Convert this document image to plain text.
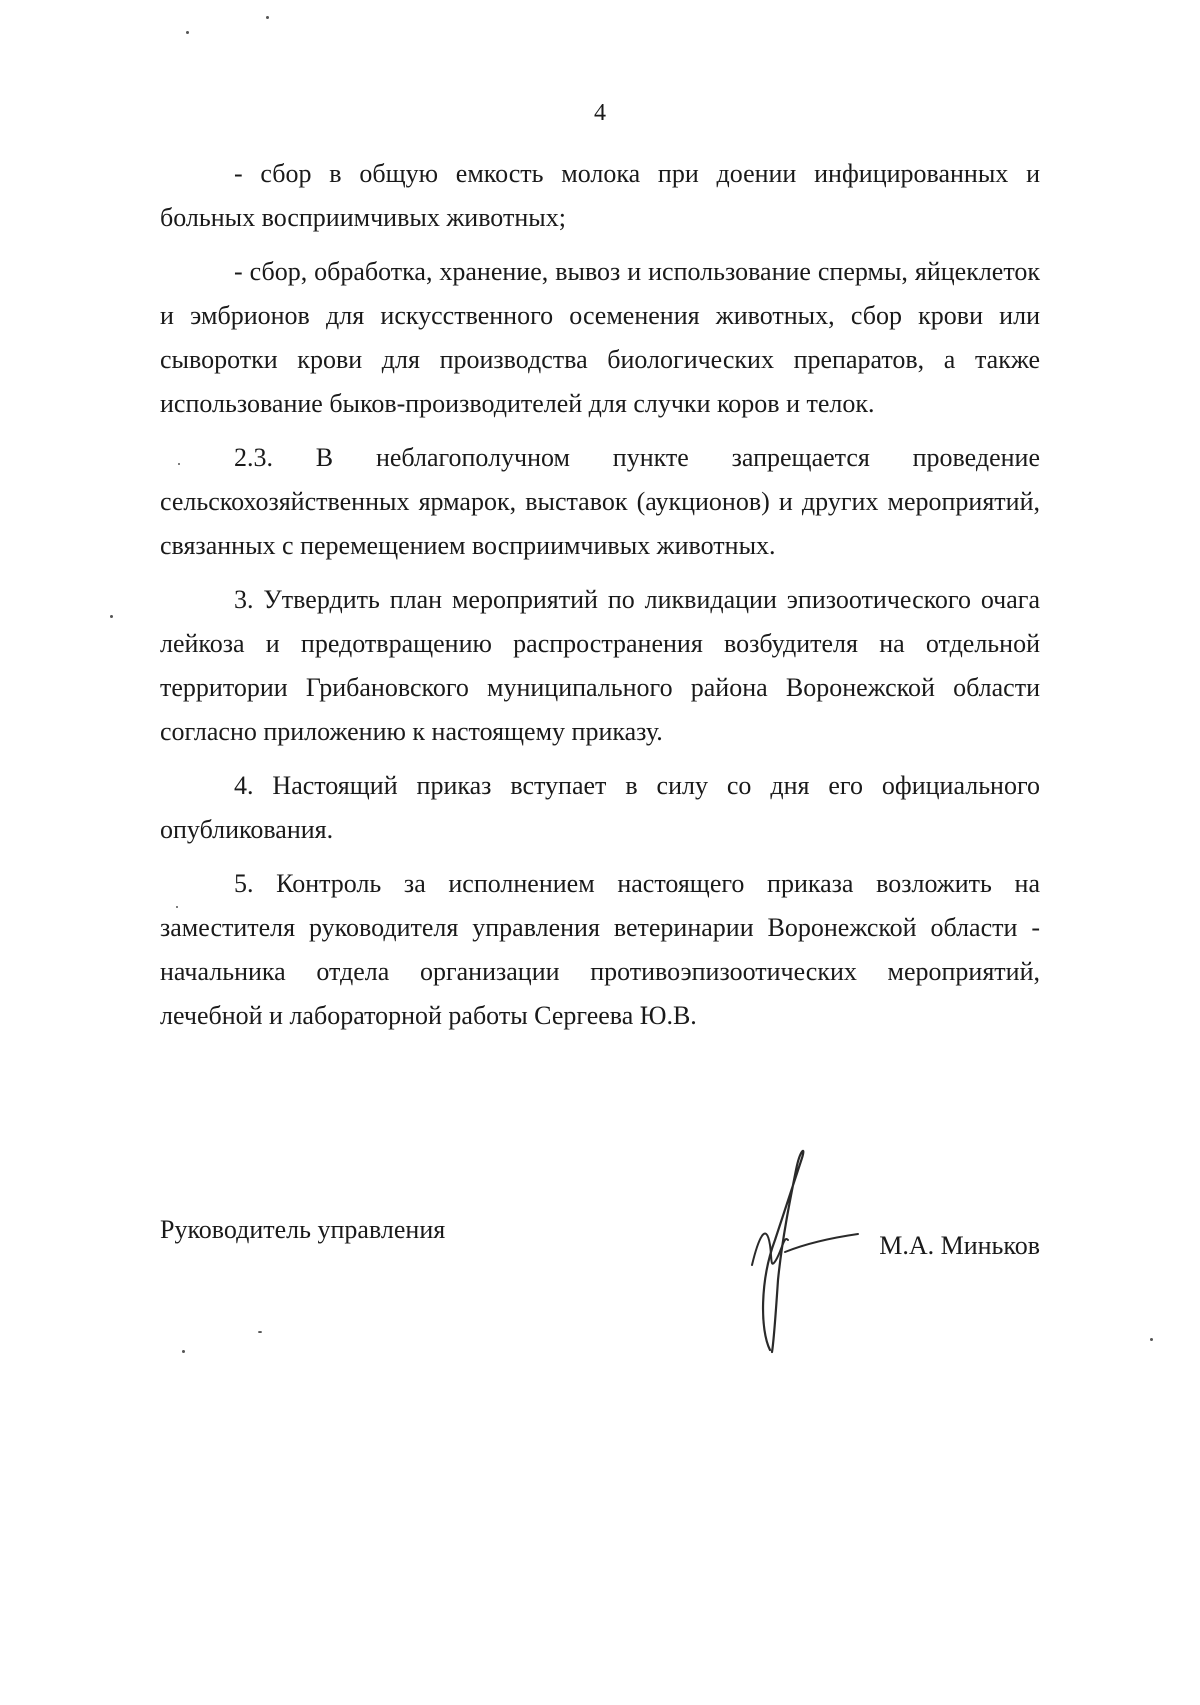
4

- сбор в общую емкость молока при доении инфицированных и больных восприимчивых животных;

- сбор, обработка, хранение, вывоз и использование спермы, яйцеклеток и эмбрионов для искусственного осеменения животных, сбор крови или сыворотки крови для производства биологических препаратов, а также использование быков-производителей для случки коров и телок.

2.3. В неблагополучном пункте запрещается проведение сельскохозяйственных ярмарок, выставок (аукционов) и других мероприятий, связанных с перемещением восприимчивых животных.

3. Утвердить план мероприятий по ликвидации эпизоотического очага лейкоза и предотвращению распространения возбудителя на отдельной территории Грибановского муниципального района Воронежской области согласно приложению к настоящему приказу.

4. Настоящий приказ вступает в силу со дня его официального опубликования.

5. Контроль за исполнением настоящего приказа возложить на заместителя руководителя управления ветеринарии Воронежской области - начальника отдела организации противоэпизоотических мероприятий, лечебной и лабораторной работы Сергеева Ю.В.

Руководитель управления
М.А. Миньков
